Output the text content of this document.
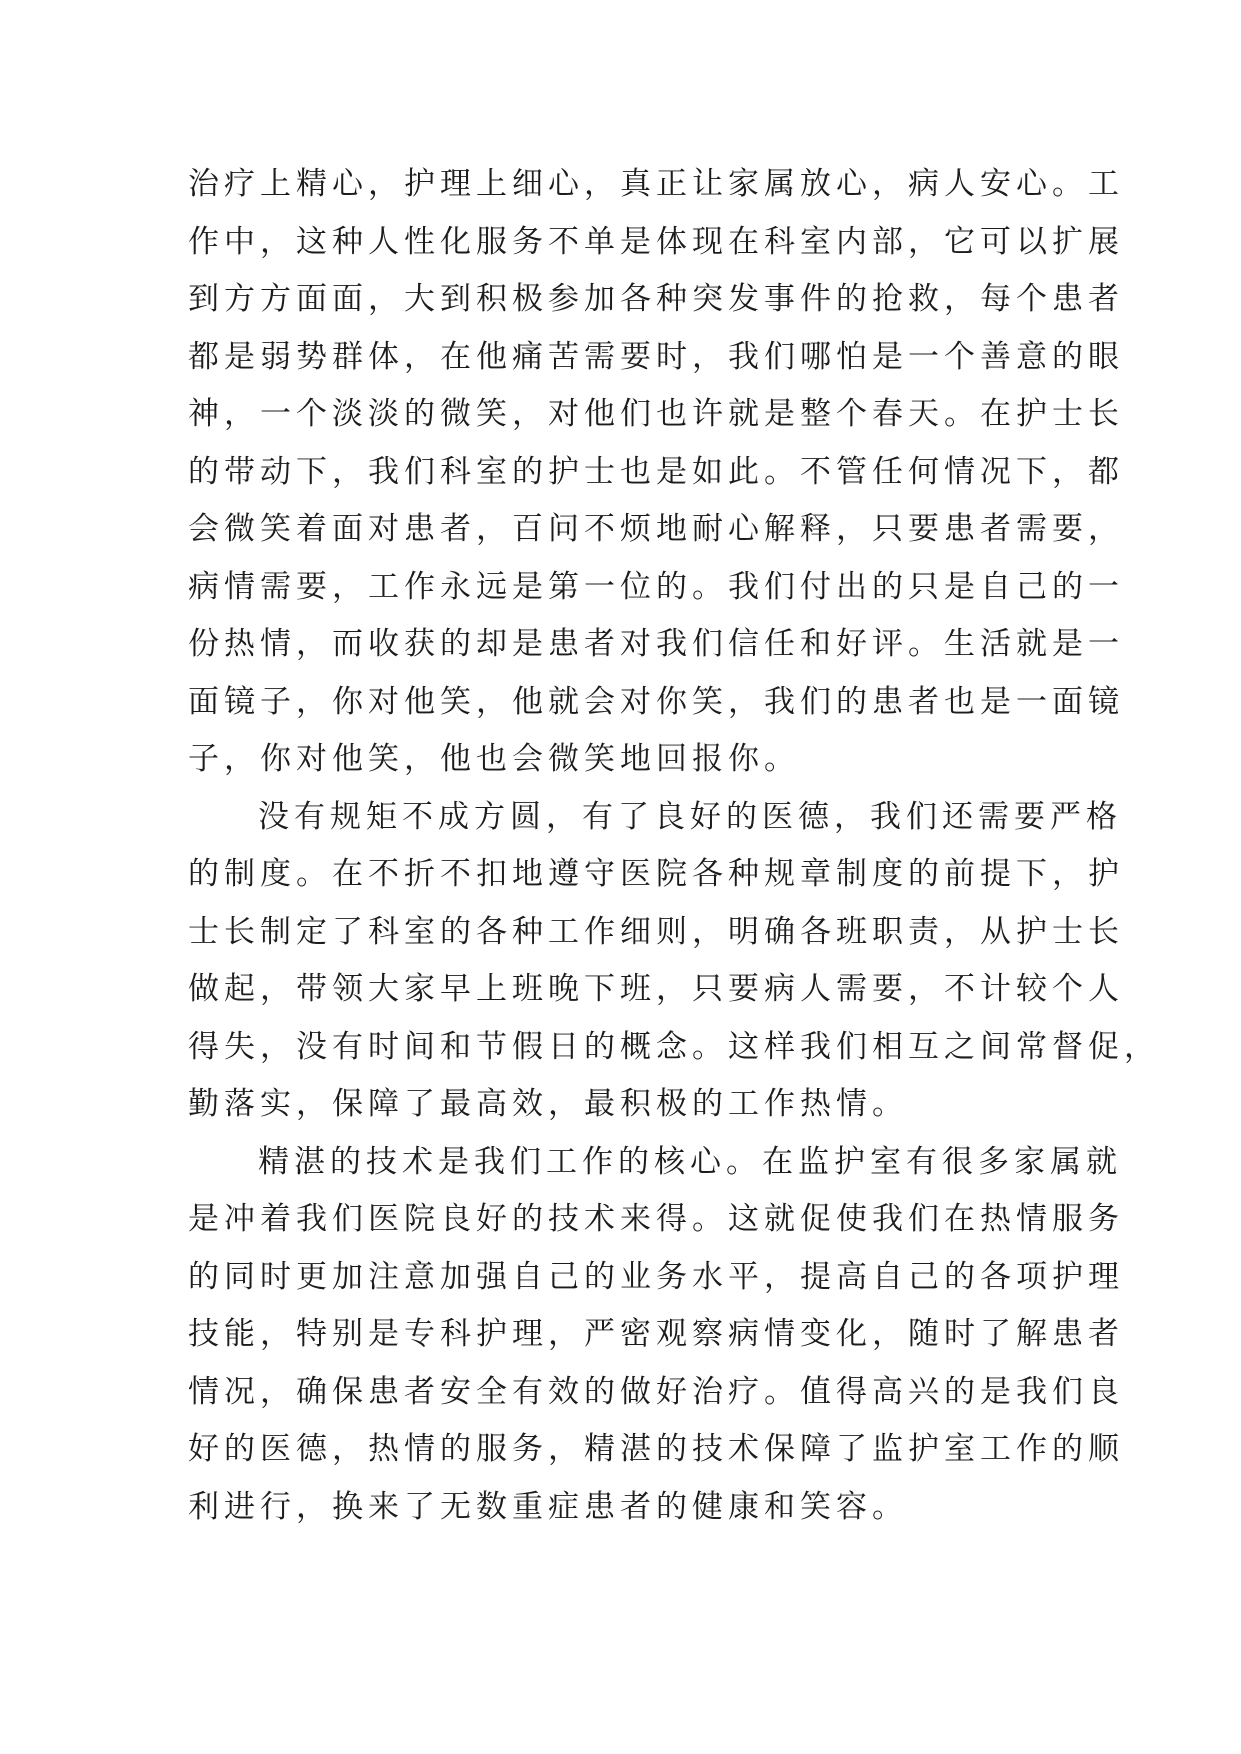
治疗上精心，护理上细心，真正让家属放心，病人安心。工
作中，这种人性化服务不单是体现在科室内部，它可以扩展
到方方面面，大到积极参加各种突发事件的抢救，每个患者
都是弱势群体，在他痛苦需要时，我们哪怕是一个善意的眼
神，一个淡淡的微笑，对他们也许就是整个春天。在护士长
的带动下，我们科室的护士也是如此。不管任何情况下，都
会微笑着面对患者，百问不烦地耐心解释，只要患者需要，
病情需要，工作永远是第一位的。我们付出的只是自己的一
份热情，而收获的却是患者对我们信任和好评。生活就是一
面镜子，你对他笑，他就会对你笑，我们的患者也是一面镜
子，你对他笑，他也会微笑地回报你。
没有规矩不成方圆，有了良好的医德，我们还需要严格
的制度。在不折不扣地遵守医院各种规章制度的前提下，护
士长制定了科室的各种工作细则，明确各班职责，从护士长
做起，带领大家早上班晚下班，只要病人需要，不计较个人
得失，没有时间和节假日的概念。这样我们相互之间常督促，
勤落实，保障了最高效，最积极的工作热情。
精湛的技术是我们工作的核心。在监护室有很多家属就
是冲着我们医院良好的技术来得。这就促使我们在热情服务
的同时更加注意加强自己的业务水平，提高自己的各项护理
技能，特别是专科护理，严密观察病情变化，随时了解患者
情况，确保患者安全有效的做好治疗。值得高兴的是我们良
好的医德，热情的服务，精湛的技术保障了监护室工作的顺
利进行，换来了无数重症患者的健康和笑容。
